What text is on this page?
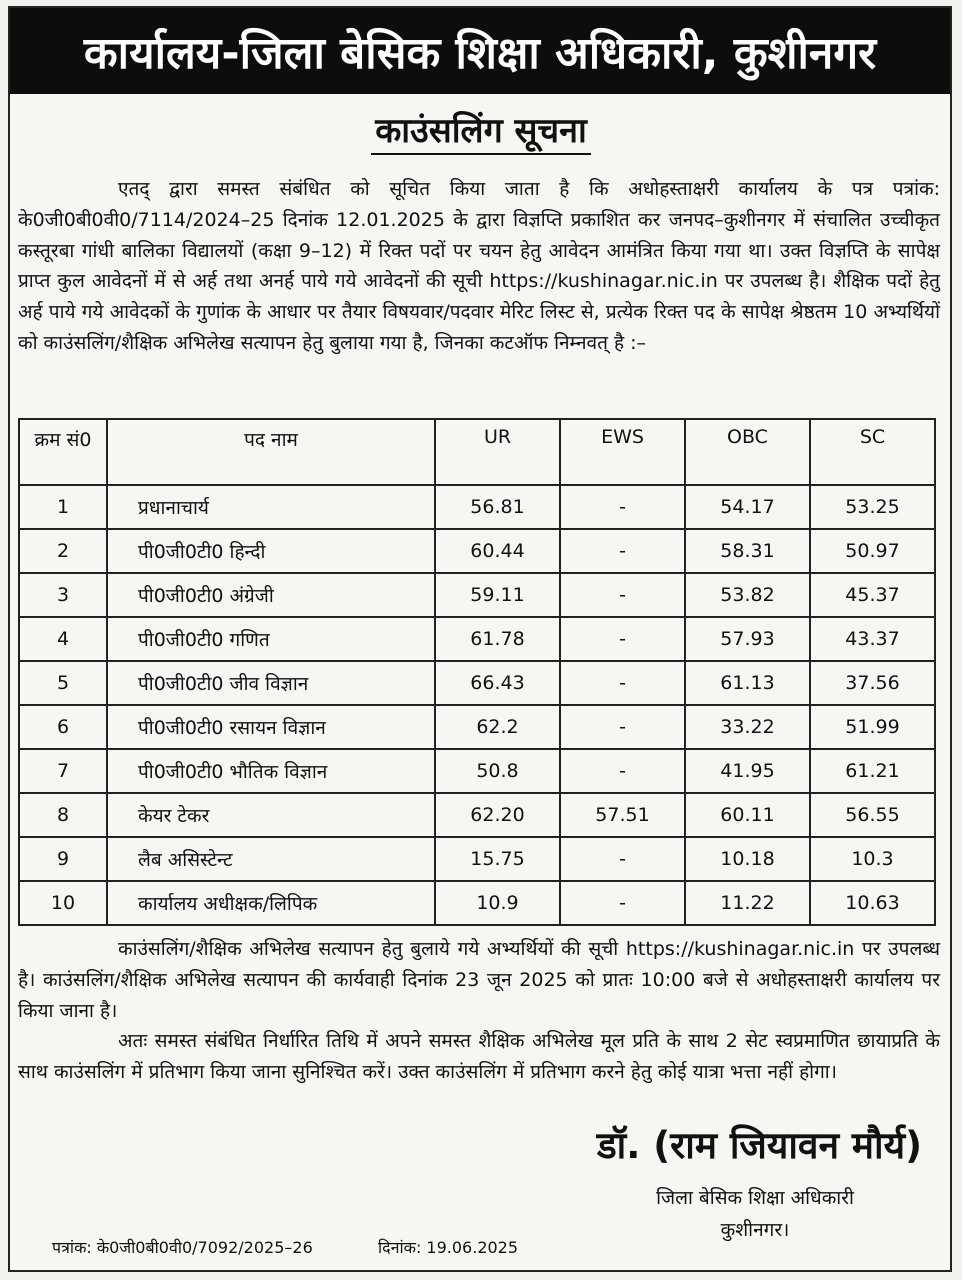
कार्यालय-जिला बेसिक शिक्षा अधिकारी, कुशीनगर
काउंसलिंग सूचना
एतद् द्वारा समस्त संबंधित को सूचित किया जाता है कि अधोहस्ताक्षरी कार्यालय के पत्र पत्रांक: के0जी0बी0वी0/7114/2024–25 दिनांक 12.01.2025 के द्वारा विज्ञप्ति प्रकाशित कर जनपद–कुशीनगर में संचालित उच्चीकृत कस्तूरबा गांधी बालिका विद्यालयों (कक्षा 9–12) में रिक्त पदों पर चयन हेतु आवेदन आमंत्रित किया गया था। उक्त विज्ञप्ति के सापेक्ष प्राप्त कुल आवेदनों में से अर्ह तथा अनर्ह पाये गये आवेदनों की सूची https://kushinagar.nic.in पर उपलब्ध है। शैक्षिक पदों हेतु अर्ह पाये गये आवेदकों के गुणांक के आधार पर तैयार विषयवार/पदवार मेरिट लिस्ट से, प्रत्येक रिक्त पद के सापेक्ष श्रेष्ठतम 10 अभ्यर्थियों को काउंसलिंग/शैक्षिक अभिलेख सत्यापन हेतु बुलाया गया है, जिनका कटऑफ निम्नवत् है :–
क्रम सं0	पद नाम	UR	EWS	OBC	SC
1	प्रधानाचार्य	56.81	-	54.17	53.25
2	पी0जी0टी0 हिन्दी	60.44	-	58.31	50.97
3	पी0जी0टी0 अंग्रेजी	59.11	-	53.82	45.37
4	पी0जी0टी0 गणित	61.78	-	57.93	43.37
5	पी0जी0टी0 जीव विज्ञान	66.43	-	61.13	37.56
6	पी0जी0टी0 रसायन विज्ञान	62.2	-	33.22	51.99
7	पी0जी0टी0 भौतिक विज्ञान	50.8	-	41.95	61.21
8	केयर टेकर	62.20	57.51	60.11	56.55
9	लैब असिस्टेन्ट	15.75	-	10.18	10.3
10	कार्यालय अधीक्षक/लिपिक	10.9	-	11.22	10.63
काउंसलिंग/शैक्षिक अभिलेख सत्यापन हेतु बुलाये गये अभ्यर्थियों की सूची https://kushinagar.nic.in पर उपलब्ध है। काउंसलिंग/शैक्षिक अभिलेख सत्यापन की कार्यवाही दिनांक 23 जून 2025 को प्रातः 10:00 बजे से अधोहस्ताक्षरी कार्यालय पर किया जाना है।
अतः समस्त संबंधित निर्धारित तिथि में अपने समस्त शैक्षिक अभिलेख मूल प्रति के साथ 2 सेट स्वप्रमाणित छायाप्रति के साथ काउंसलिंग में प्रतिभाग किया जाना सुनिश्चित करें। उक्त काउंसलिंग में प्रतिभाग करने हेतु कोई यात्रा भत्ता नहीं होगा।
डॉ. (राम जियावन मौर्य)
जिला बेसिक शिक्षा अधिकारी
कुशीनगर।
पत्रांक: के0जी0बी0वी0/7092/2025–26	दिनांक: 19.06.2025
